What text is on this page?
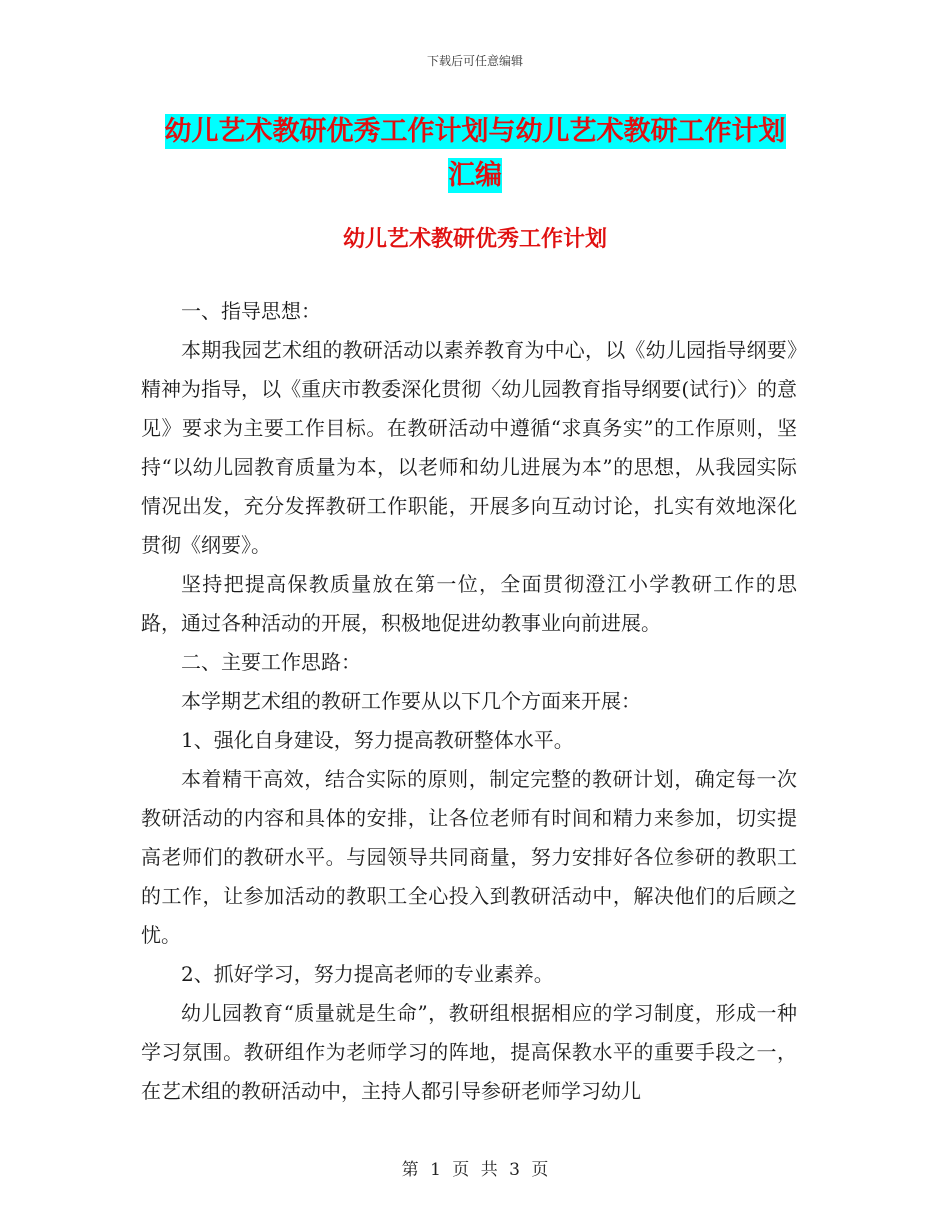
下载后可任意编辑
幼儿艺术教研优秀工作计划与幼儿艺术教研工作计划
汇编
幼儿艺术教研优秀工作计划

一、指导思想：

本期我园艺术组的教研活动以素养教育为中心，以《幼儿园指导纲要》精神为指导，以《重庆市教委深化贯彻〈幼儿园教育指导纲要(试行)〉的意见》要求为主要工作目标。在教研活动中遵循“求真务实”的工作原则，坚持“以幼儿园教育质量为本，以老师和幼儿进展为本”的思想，从我园实际情况出发，充分发挥教研工作职能，开展多向互动讨论，扎实有效地深化贯彻《纲要》。

坚持把提高保教质量放在第一位，全面贯彻澄江小学教研工作的思路，通过各种活动的开展，积极地促进幼教事业向前进展。

二、主要工作思路：

本学期艺术组的教研工作要从以下几个方面来开展：

1、强化自身建设，努力提高教研整体水平。

本着精干高效，结合实际的原则，制定完整的教研计划，确定每一次教研活动的内容和具体的安排，让各位老师有时间和精力来参加，切实提高老师们的教研水平。与园领导共同商量，努力安排好各位参研的教职工的工作，让参加活动的教职工全心投入到教研活动中，解决他们的后顾之忧。

2、抓好学习，努力提高老师的专业素养。

幼儿园教育“质量就是生命”，教研组根据相应的学习制度，形成一种学习氛围。教研组作为老师学习的阵地，提高保教水平的重要手段之一，在艺术组的教研活动中，主持人都引导参研老师学习幼儿

第 1 页 共 3 页
